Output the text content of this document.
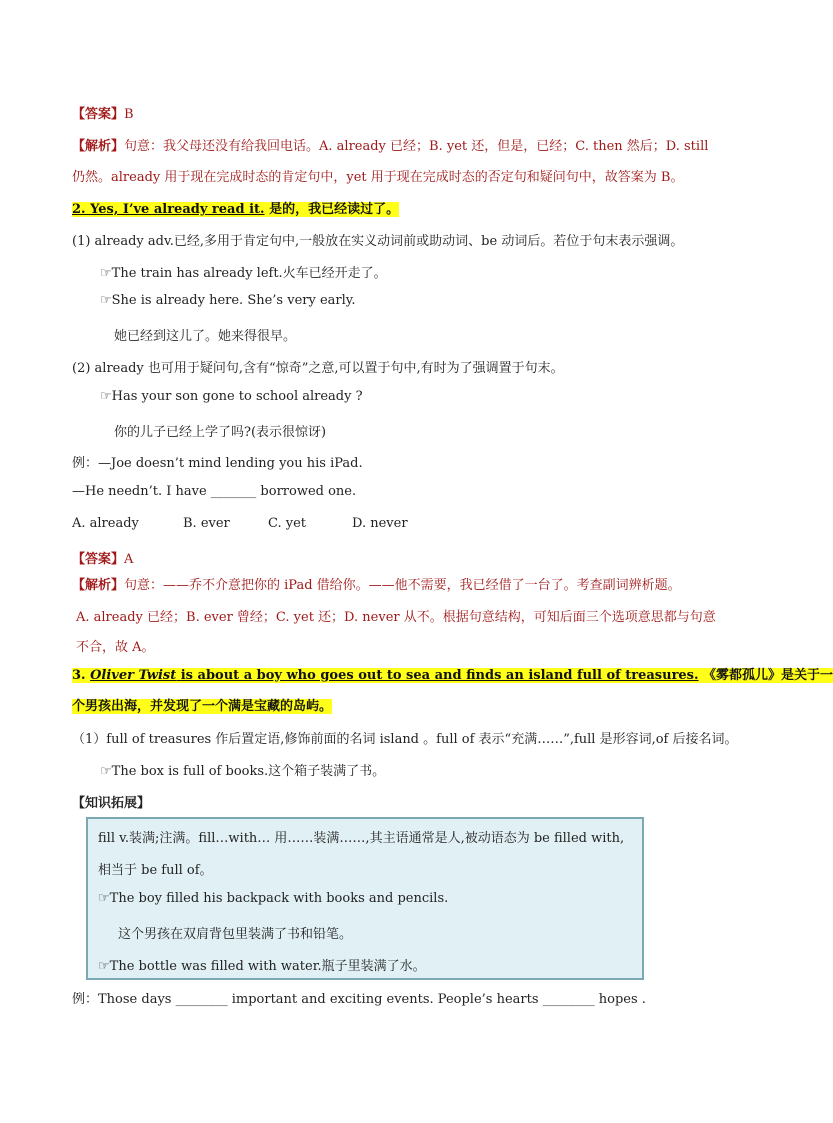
【答案】B
【解析】句意：我父母还没有给我回电话。A. already 已经；B. yet 还，但是，已经；C. then 然后；D. still
仍然。already 用于现在完成时态的肯定句中，yet 用于现在完成时态的否定句和疑问句中，故答案为 B。
2. Yes, I’ve already read it. 是的，我已经读过了。
(1) already adv.已经,多用于肯定句中,一般放在实义动词前或助动词、be 动词后。若位于句末表示强调。
☞The train has already left.火车已经开走了。
☞She is already here. She’s very early.
她已经到这儿了。她来得很早。
(2) already 也可用于疑问句,含有“惊奇”之意,可以置于句中,有时为了强调置于句末。
☞Has your son gone to school already ?
你的儿子已经上学了吗?(表示很惊讶)
例：—Joe doesn’t mind lending you his iPad.
—He needn’t. I have _______ borrowed one.
A. already	B. ever	C. yet	D. never
【答案】A
【解析】句意：——乔不介意把你的 iPad 借给你。——他不需要，我已经借了一台了。考查副词辨析题。
A. already 已经；B. ever 曾经；C. yet 还；D. never 从不。根据句意结构，可知后面三个选项意思都与句意
不合，故 A。
3. Oliver Twist is about a boy who goes out to sea and finds an island full of treasures. 《雾都孤儿》是关于一
个男孩出海，并发现了一个满是宝藏的岛屿。
（1）full of treasures 作后置定语,修饰前面的名词 island 。full of 表示“充满……”,full 是形容词,of 后接名词。
☞The box is full of books.这个箱子装满了书。
【知识拓展】
fill v.装满;注满。fill…with… 用……装满……,其主语通常是人,被动语态为 be filled with,
相当于 be full of。
☞The boy filled his backpack with books and pencils.
这个男孩在双肩背包里装满了书和铅笔。
☞The bottle was filled with water.瓶子里装满了水。
例：Those days ________ important and exciting events. People’s hearts ________ hopes .
